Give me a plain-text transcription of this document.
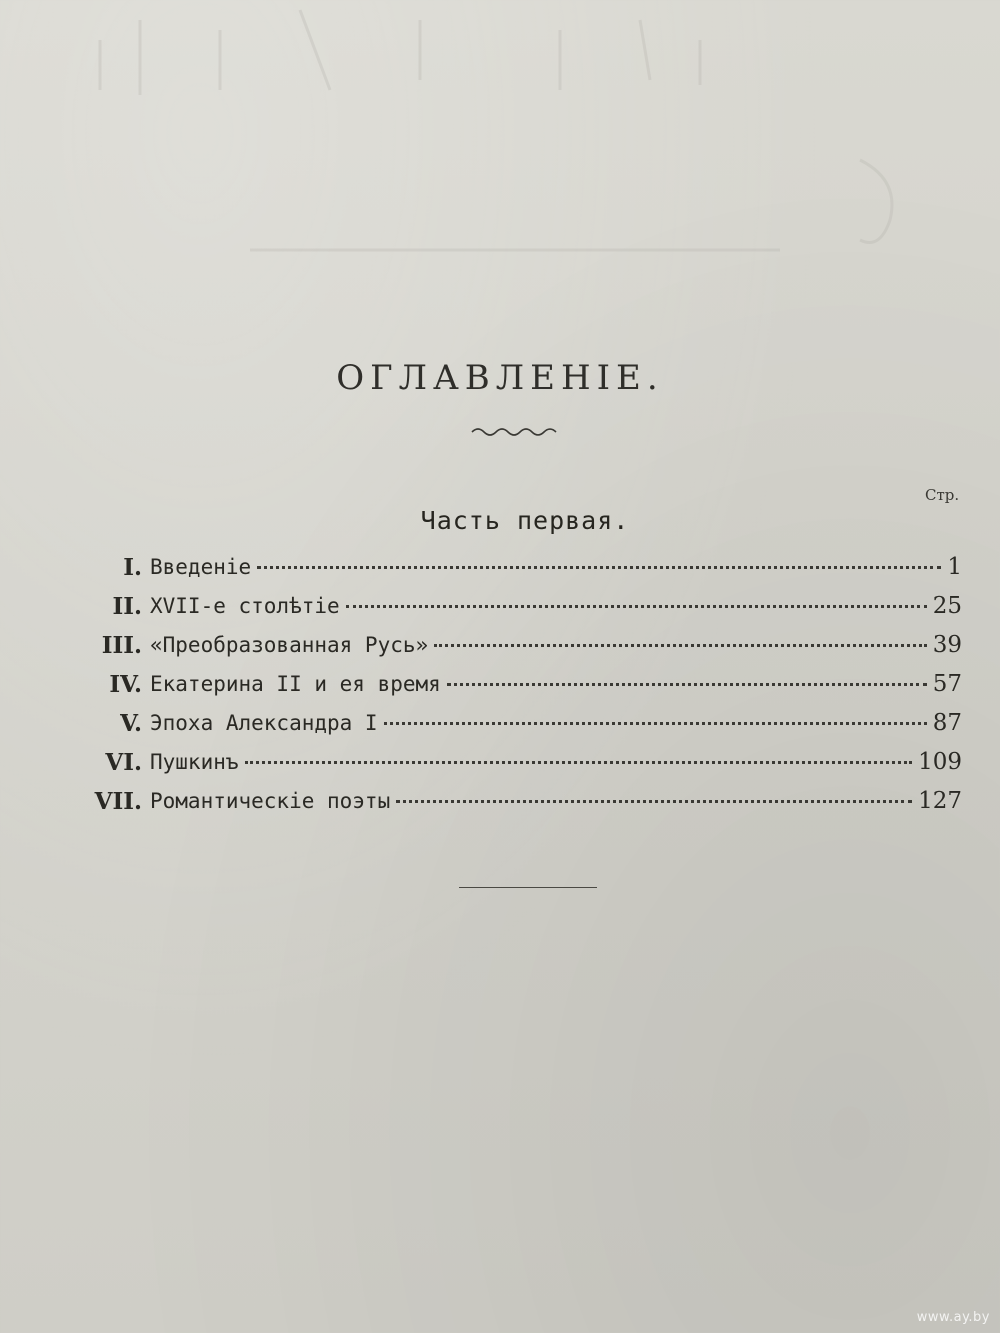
ОГЛАВЛЕНІЕ.
Стр.
Часть первая.
I. Введеніе	1
II. XVII-е столѣтіе	25
III. «Преобразованная Русь»	39
IV. Екатерина II и ея время	57
V. Эпоха Александра I	87
VI. Пушкинъ	109
VII. Романтическіе поэты	127
www.ay.by
